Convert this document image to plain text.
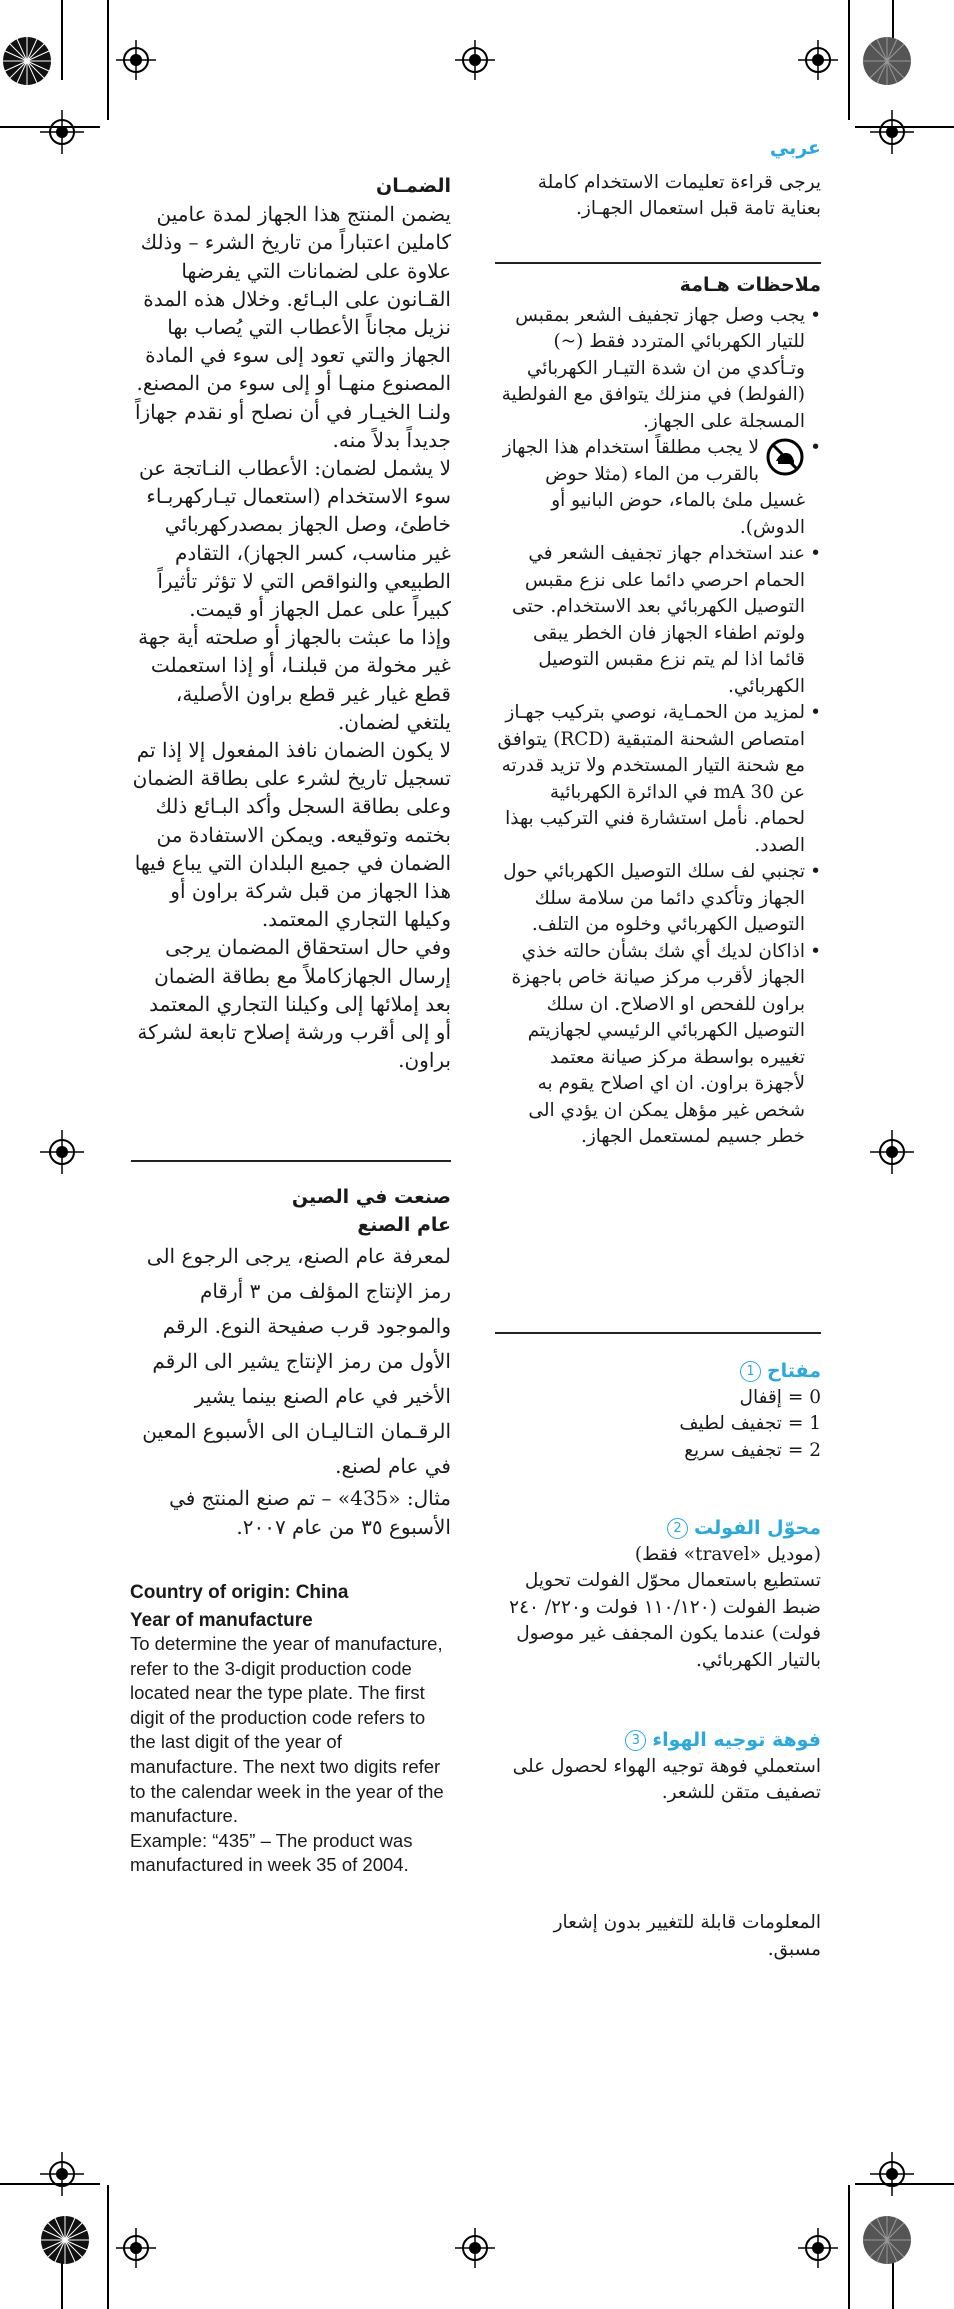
عربي
يرجى قراءة تعليمات الاستخدام كاملة بعناية تامة قبل استعمال الجهـاز.
ملاحظات هـامة
• يجب وصل جهاز تجفيف الشعر بمقبس للتيار الكهربائي المتردد فقط (~) وتـأكدي من ان شدة التيـار الكهربائي (الفولط) في منزلك يتوافق مع الفولطية المسجلة على الجهاز.
• لا يجب مطلقاً استخدام هذا الجهاز بالقرب من الماء (مثلا حوض غسيل ملئ بالماء، حوض البانيو أو الدوش).
• عند استخدام جهاز تجفيف الشعر في الحمام احرصي دائما على نزع مقبس التوصيل الكهربائي بعد الاستخدام. حتى ولوتم اطفاء الجهاز فان الخطر يبقى قائما اذا لم يتم نزع مقبس التوصيل الكهربائي.
• لمزيد من الحمـاية، نوصي بتركيب جهـاز امتصاص الشحنة المتبقية (RCD) يتوافق مع شحنة التيار المستخدم ولا تزيد قدرته عن 30 mA في الدائرة الكهربائية لحمام. نأمل استشارة فني التركيب بهذا الصدد.
• تجنبي لف سلك التوصيل الكهربائي حول الجهاز وتأكدي دائما من سلامة سلك التوصيل الكهربائي وخلوه من التلف.
• اذاكان لديك أي شك بشأن حالته خذي الجهاز لأقرب مركز صيانة خاص باجهزة براون للفحص او الاصلاح. ان سلك التوصيل الكهربائي الرئيسي لجهازيتم تغييره بواسطة مركز صيانة معتمد لأجهزة براون. ان اي اصلاح يقوم به شخص غير مؤهل يمكن ان يؤدي الى خطر جسيم لمستعمل الجهاز.
مفتاح1
0 = إقفال
1 = تجفيف لطيف
2 = تجفيف سريع
محوّل الفولت2
(موديل «travel» فقط)
تستطيع باستعمال محوّل الفولت تحويل ضبط الفولت (١١٠/١٢٠ فولت و٢٢٠/ ٢٤٠ فولت) عندما يكون المجفف غير موصول بالتيار الكهربائي.
فوهة توجيه الهواء3
استعملي فوهة توجيه الهواء لحصول على تصفيف متقن للشعر.
المعلومات قابلة للتغيير بدون إشعار مسبق.
الضمـان
يضمن المنتج هذا الجهاز لمدة عامين كاملين اعتباراً من تاريخ الشرء – وذلك علاوة على لضمانات التي يفرضها القـانون على البـائع. وخلال هذه المدة نزيل مجاناً الأعطاب التي يُصاب بها الجهاز والتي تعود إلى سوء في المادة المصنوع منهـا أو إلى سوء من المصنع. ولنـا الخيـار في أن نصلح أو نقدم جهازاً جديداً بدلاً منه.
لا يشمل لضمان: الأعطاب النـاتجة عن سوء الاستخدام (استعمال تيـاركهربـاء خاطئ، وصل الجهاز بمصدركهربائي غير مناسب، كسر الجهاز)، التقادم الطبيعي والنواقص التي لا تؤثر تأثيراً كبيراً على عمل الجهاز أو قيمت.
وإذا ما عبثت بالجهاز أو صلحته أية جهة غير مخولة من قبلنـا، أو إذا استعملت قطع غيار غير قطع براون الأصلية، يلتغي لضمان.
لا يكون الضمان نافذ المفعول إلا إذا تم تسجيل تاريخ لشرء على بطاقة الضمان وعلى بطاقة السجل وأكد البـائع ذلك بختمه وتوقيعه. ويمكن الاستفادة من الضمان في جميع البلدان التي يباع فيها هذا الجهاز من قبل شركة براون أو وكيلها التجاري المعتمد.
وفي حال استحقاق المضمان يرجى إرسال الجهازكاملاً مع بطاقة الضمان بعد إملائها إلى وكيلنا التجاري المعتمد أو إلى أقرب ورشة إصلاح تابعة لشركة براون.
صنعت في الصين
عام الصنع
لمعرفة عام الصنع، يرجى الرجوع الى رمز الإنتاج المؤلف من ٣ أرقام والموجود قرب صفيحة النوع. الرقم الأول من رمز الإنتاج يشير الى الرقم الأخير في عام الصنع بينما يشير الرقـمان التـاليـان الى الأسبوع المعين في عام لصنع.
مثال: «435» – تم صنع المنتج في الأسبوع ٣٥ من عام ٢٠٠٧.
Country of origin: China
Year of manufacture
To determine the year of manufacture, refer to the 3-digit production code located near the type plate. The first digit of the production code refers to the last digit of the year of manufacture. The next two digits refer to the calendar week in the year of the manufacture.
Example: “435” – The product was manufactured in week 35 of 2004.
